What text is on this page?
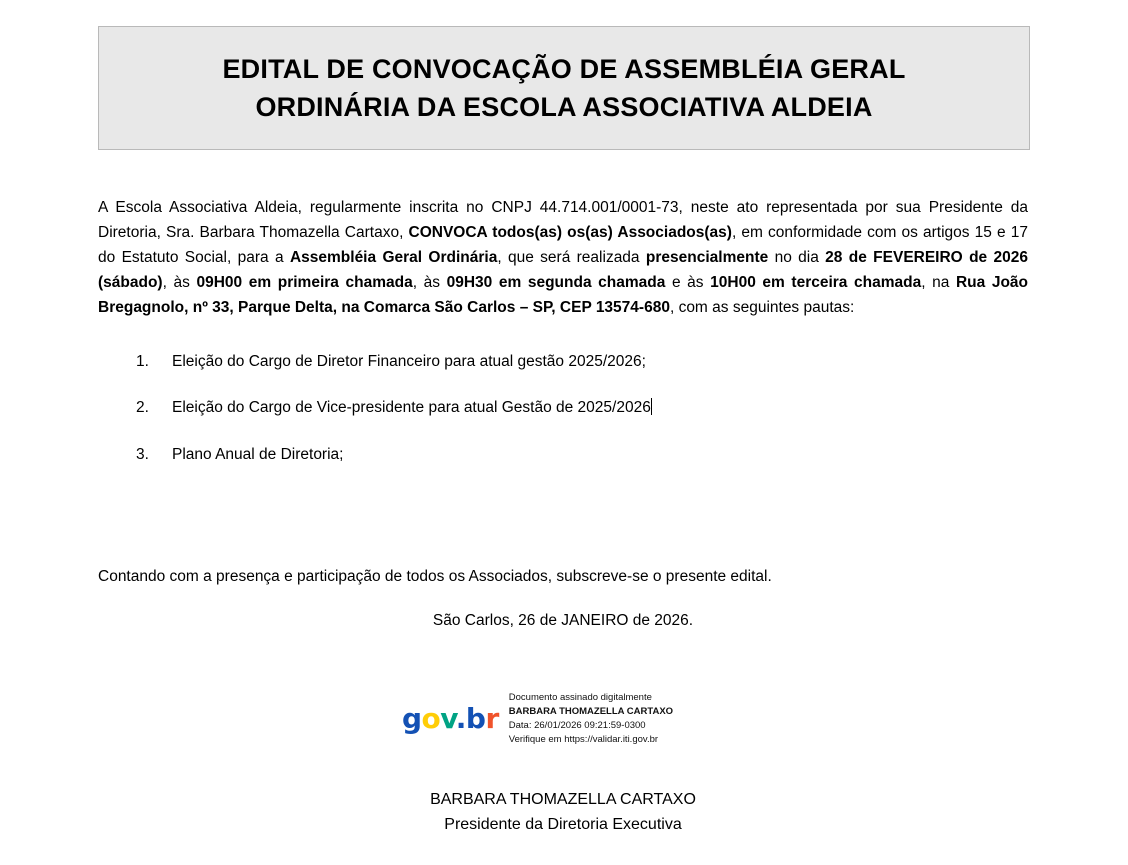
EDITAL DE CONVOCAÇÃO DE ASSEMBLÉIA GERAL
ORDINÁRIA DA ESCOLA ASSOCIATIVA ALDEIA
A Escola Associativa Aldeia, regularmente inscrita no CNPJ 44.714.001/0001-73, neste ato representada por sua Presidente da Diretoria, Sra. Barbara Thomazella Cartaxo, CONVOCA todos(as) os(as) Associados(as), em conformidade com os artigos 15 e 17 do Estatuto Social, para a Assembléia Geral Ordinária, que será realizada presencialmente no dia 28 de FEVEREIRO de 2026 (sábado), às 09H00 em primeira chamada, às 09H30 em segunda chamada e às 10H00 em terceira chamada, na Rua João Bregagnolo, nº 33, Parque Delta, na Comarca São Carlos – SP, CEP 13574-680, com as seguintes pautas:
1.	Eleição do Cargo de Diretor Financeiro para atual gestão 2025/2026;
2.	Eleição do Cargo de Vice-presidente para atual Gestão de 2025/2026
3.	Plano Anual de Diretoria;
Contando com a presença e participação de todos os Associados, subscreve-se o presente edital.
São Carlos, 26 de JANEIRO de 2026.
gov.br
Documento assinado digitalmente
BARBARA THOMAZELLA CARTAXO
Data: 26/01/2026 09:21:59-0300
Verifique em https://validar.iti.gov.br
BARBARA THOMAZELLA CARTAXO
Presidente da Diretoria Executiva
